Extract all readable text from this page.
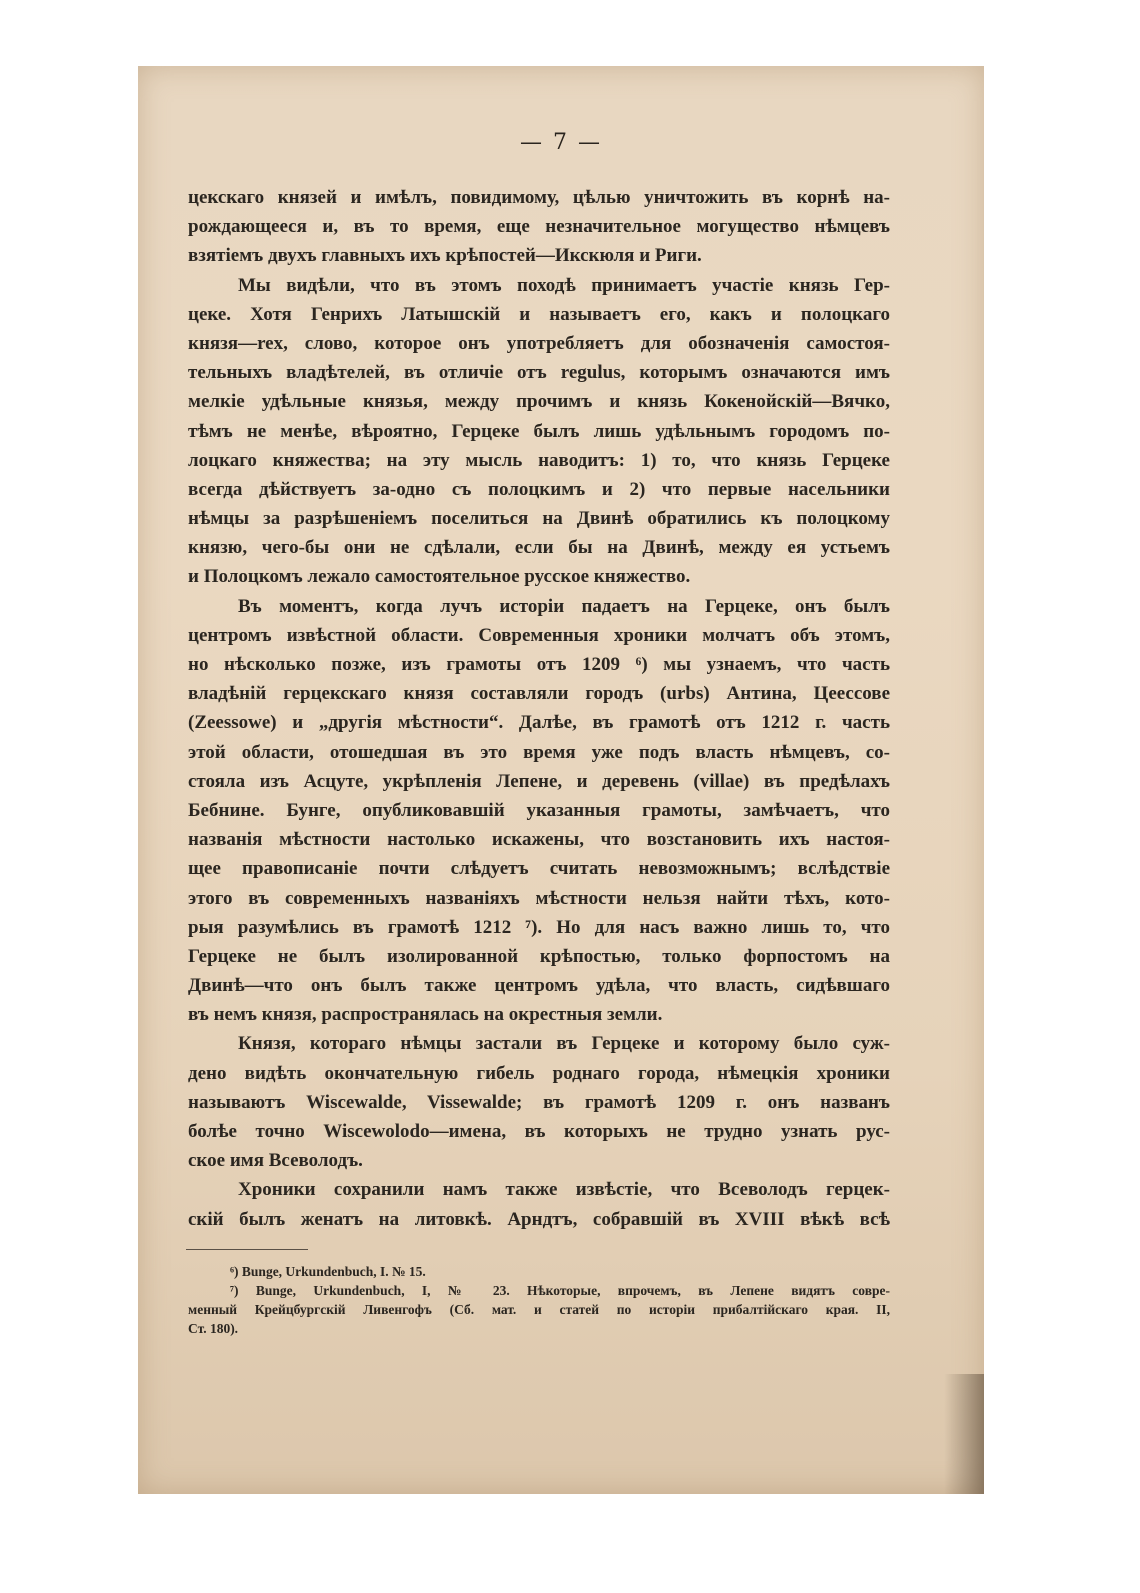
— 7 —
цекскаго князей и имѣлъ, повидимому, цѣлью уничтожить въ корнѣ на-
рождающееся и, въ то время, еще незначительное могущество нѣмцевъ
взятіемъ двухъ главныхъ ихъ крѣпостей—Икскюля и Риги.
Мы видѣли, что въ этомъ походѣ принимаетъ участіе князь Гер-
цеке. Хотя Генрихъ Латышскій и называетъ его, какъ и полоцкаго
князя—rex, слово, которое онъ употребляетъ для обозначенія самостоя-
тельныхъ владѣтелей, въ отличіе отъ regulus, которымъ означаются имъ
мелкіе удѣльные князья, между прочимъ и князь Кокенойскій—Вячко,
тѣмъ не менѣе, вѣроятно, Герцеке былъ лишь удѣльнымъ городомъ по-
лоцкаго княжества; на эту мысль наводитъ: 1) то, что князь Герцеке
всегда дѣйствуетъ за-одно съ полоцкимъ и 2) что первые насельники
нѣмцы за разрѣшеніемъ поселиться на Двинѣ обратились къ полоцкому
князю, чего-бы они не сдѣлали, если бы на Двинѣ, между ея устьемъ
и Полоцкомъ лежало самостоятельное русское княжество.
Въ моментъ, когда лучъ исторіи падаетъ на Герцеке, онъ былъ
центромъ извѣстной области. Современныя хроники молчатъ объ этомъ,
но нѣсколько позже, изъ грамоты отъ 1209 ⁶) мы узнаемъ, что часть
владѣній герцекскаго князя составляли городъ (urbs) Антина, Цеессове
(Zeessowe) и „другія мѣстности“. Далѣе, въ грамотѣ отъ 1212 г. часть
этой области, отошедшая въ это время уже подъ власть нѣмцевъ, со-
стояла изъ Асцуте, укрѣпленія Лепене, и деревень (villae) въ предѣлахъ
Бебнине. Бунге, опубликовавшій указанныя грамоты, замѣчаетъ, что
названія мѣстности настолько искажены, что возстановить ихъ настоя-
щее правописаніе почти слѣдуетъ считать невозможнымъ; вслѣдствіе
этого въ современныхъ названіяхъ мѣстности нельзя найти тѣхъ, кото-
рыя разумѣлись въ грамотѣ 1212 ⁷). Но для насъ важно лишь то, что
Герцеке не былъ изолированной крѣпостью, только форпостомъ на
Двинѣ—что онъ былъ также центромъ удѣла, что власть, сидѣвшаго
въ немъ князя, распространялась на окрестныя земли.
Князя, котораго нѣмцы застали въ Герцеке и которому было суж-
дено видѣть окончательную гибель роднаго города, нѣмецкія хроники
называютъ Wiscewalde, Vissewalde; въ грамотѣ 1209 г. онъ названъ
болѣе точно Wiscewolodo—имена, въ которыхъ не трудно узнать рус-
ское имя Всеволодъ.
Хроники сохранили намъ также извѣстіе, что Всеволодъ герцек-
скій былъ женатъ на литовкѣ. Арндтъ, собравшій въ XVIII вѣкѣ всѣ
⁶) Bunge, Urkundenbuch, I. № 15.
⁷) Bunge, Urkundenbuch, I, № 23. Нѣкоторые, впрочемъ, въ Лепене видятъ совре-
менный Крейцбургскій Ливенгофъ (Сб. мат. и статей по исторіи прибалтійскаго края. II,
Ст. 180).
